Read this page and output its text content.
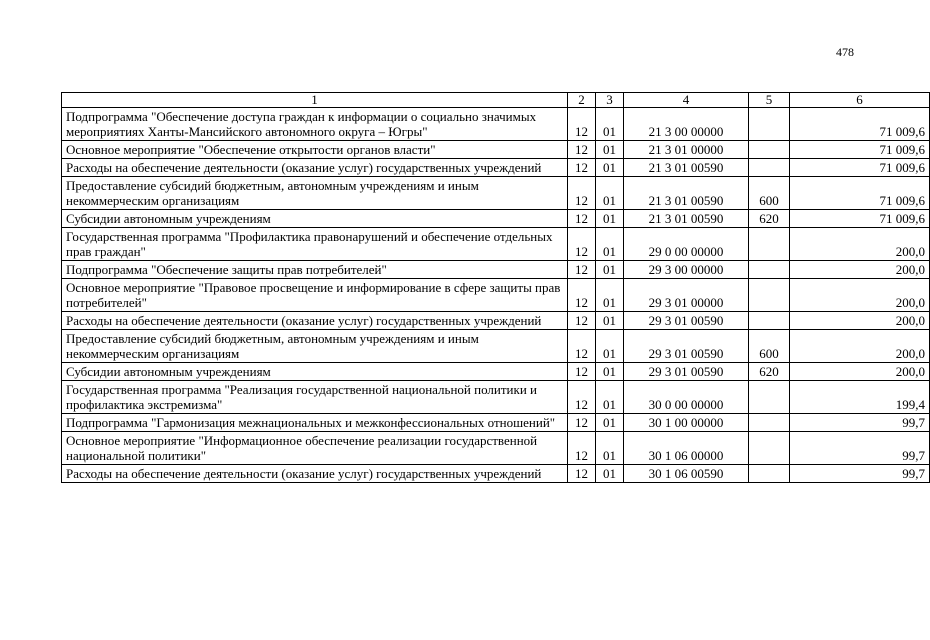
478
1	2	3	4	5	6
Подпрограмма "Обеспечение доступа граждан к информации о социально значимых мероприятиях Ханты-Мансийского автономного округа – Югры"	12	01	21 3 00 00000		71 009,6
Основное мероприятие "Обеспечение открытости органов власти"	12	01	21 3 01 00000		71 009,6
Расходы на обеспечение деятельности (оказание услуг) государственных учреждений	12	01	21 3 01 00590		71 009,6
Предоставление субсидий бюджетным, автономным учреждениям и иным некоммерческим организациям	12	01	21 3 01 00590	600	71 009,6
Субсидии автономным учреждениям	12	01	21 3 01 00590	620	71 009,6
Государственная программа "Профилактика правонарушений и обеспечение отдельных прав граждан"	12	01	29 0 00 00000		200,0
Подпрограмма "Обеспечение защиты прав потребителей"	12	01	29 3 00 00000		200,0
Основное мероприятие "Правовое просвещение и информирование в сфере защиты прав потребителей"	12	01	29 3 01 00000		200,0
Расходы на обеспечение деятельности (оказание услуг) государственных учреждений	12	01	29 3 01 00590		200,0
Предоставление субсидий бюджетным, автономным учреждениям и иным некоммерческим организациям	12	01	29 3 01 00590	600	200,0
Субсидии автономным учреждениям	12	01	29 3 01 00590	620	200,0
Государственная программа "Реализация государственной национальной политики и профилактика экстремизма"	12	01	30 0 00 00000		199,4
Подпрограмма "Гармонизация межнациональных и межконфессиональных отношений"	12	01	30 1 00 00000		99,7
Основное мероприятие "Информационное обеспечение реализации государственной национальной политики"	12	01	30 1 06 00000		99,7
Расходы на обеспечение деятельности (оказание услуг) государственных учреждений	12	01	30 1 06 00590		99,7
